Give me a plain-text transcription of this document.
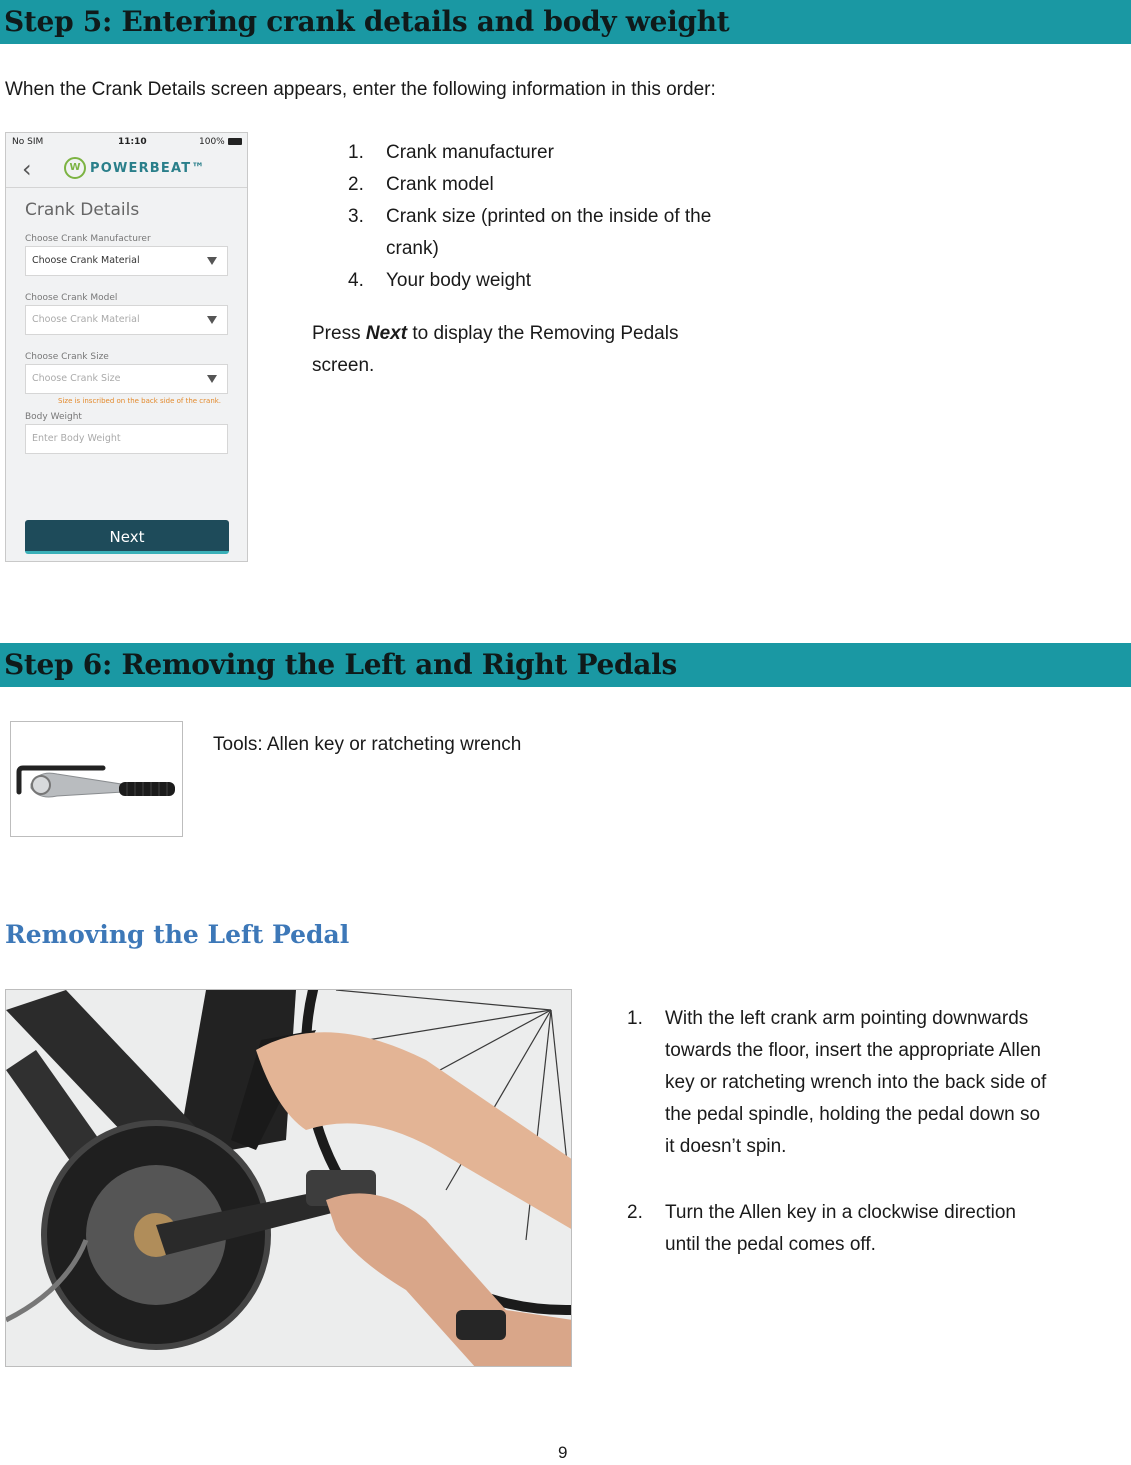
Step 5: Entering crank details and body weight
When the Crank Details screen appears, enter the following information in this order:
No SIM	11:10	100%
‹	W POWERBEAT™
Crank Details
Choose Crank Manufacturer
Choose Crank Material
Choose Crank Model
Choose Crank Material
Choose Crank Size
Choose Crank Size
Size is inscribed on the back side of the crank.
Body Weight
Enter Body Weight
Next
1. Crank manufacturer
2. Crank model
3. Crank size (printed on the inside of the crank)
4. Your body weight
Press Next to display the Removing Pedals screen.
Step 6: Removing the Left and Right Pedals
Tools: Allen key or ratcheting wrench
Removing the Left Pedal
1. With the left crank arm pointing downwards towards the floor, insert the appropriate Allen key or ratcheting wrench into the back side of the pedal spindle, holding the pedal down so it doesn’t spin.
2. Turn the Allen key in a clockwise direction until the pedal comes off.
9
